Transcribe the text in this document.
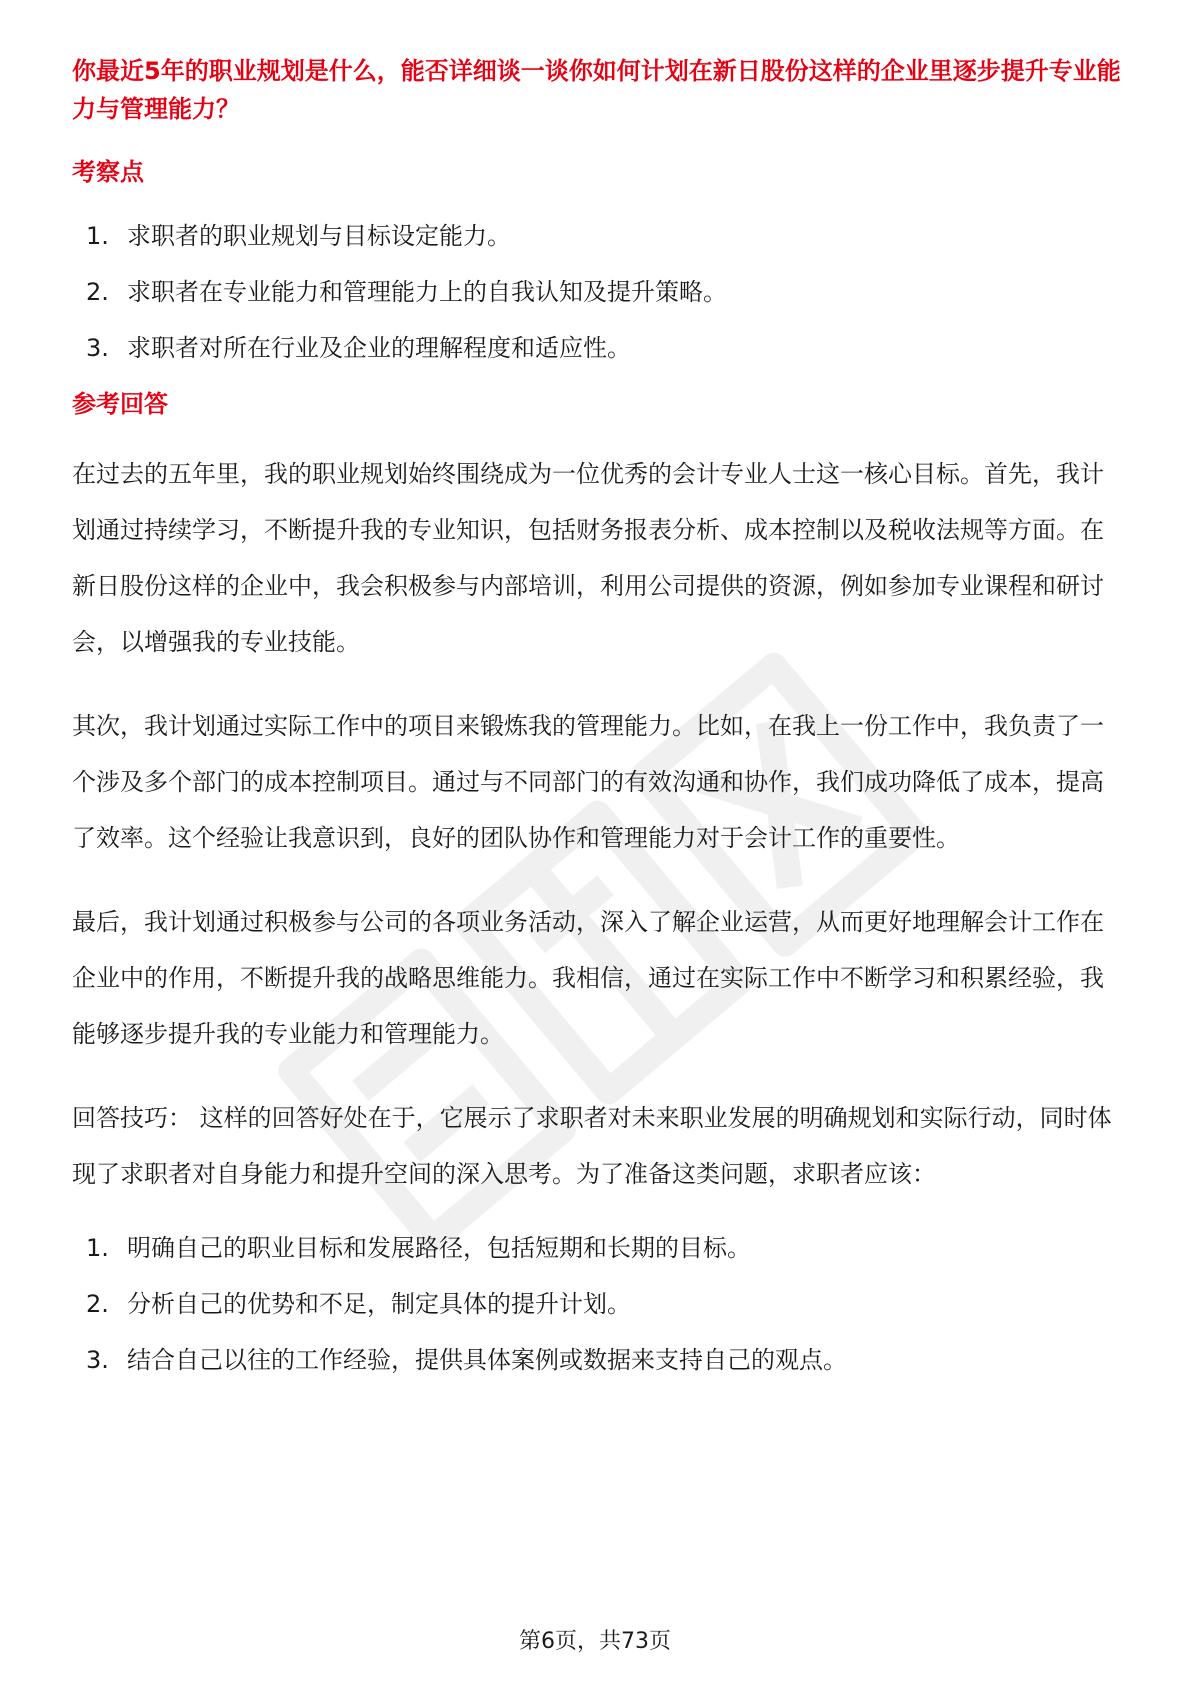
你最近5年的职业规划是什么，能否详细谈一谈你如何计划在新日股份这样的企业里逐步提升专业能力与管理能力？
考察点
1. 求职者的职业规划与目标设定能力。
2. 求职者在专业能力和管理能力上的自我认知及提升策略。
3. 求职者对所在行业及企业的理解程度和适应性。
参考回答

在过去的五年里，我的职业规划始终围绕成为一位优秀的会计专业人士这一核心目标。首先，我计划通过持续学习，不断提升我的专业知识，包括财务报表分析、成本控制以及税收法规等方面。在新日股份这样的企业中，我会积极参与内部培训，利用公司提供的资源，例如参加专业课程和研讨会，以增强我的专业技能。

其次，我计划通过实际工作中的项目来锻炼我的管理能力。比如，在我上一份工作中，我负责了一个涉及多个部门的成本控制项目。通过与不同部门的有效沟通和协作，我们成功降低了成本，提高了效率。这个经验让我意识到，良好的团队协作和管理能力对于会计工作的重要性。

最后，我计划通过积极参与公司的各项业务活动，深入了解企业运营，从而更好地理解会计工作在企业中的作用，不断提升我的战略思维能力。我相信，通过在实际工作中不断学习和积累经验，我能够逐步提升我的专业能力和管理能力。

回答技巧： 这样的回答好处在于，它展示了求职者对未来职业发展的明确规划和实际行动，同时体现了求职者对自身能力和提升空间的深入思考。为了准备这类问题，求职者应该：

1. 明确自己的职业目标和发展路径，包括短期和长期的目标。
2. 分析自己的优势和不足，制定具体的提升计划。
3. 结合自己以往的工作经验，提供具体案例或数据来支持自己的观点。
第6页，共73页
